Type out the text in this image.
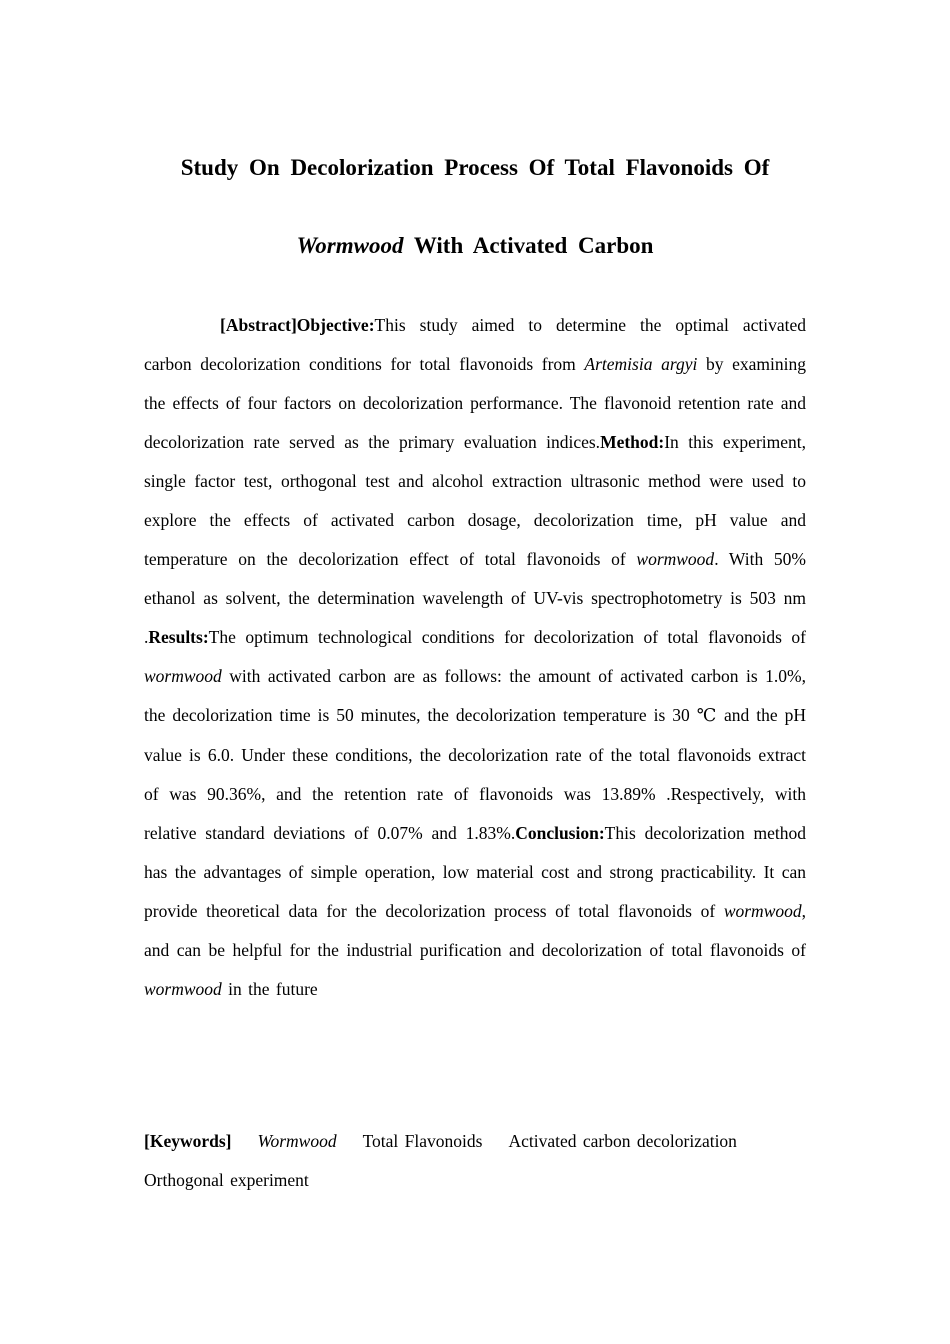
Study On Decolorization Process Of Total Flavonoids Of
Wormwood With Activated Carbon
[Abstract]Objective:This study aimed to determine the optimal activated carbon decolorization conditions for total flavonoids from Artemisia argyi by examining the effects of four factors on decolorization performance. The flavonoid retention rate and decolorization rate served as the primary evaluation indices.Method:In this experiment, single factor test, orthogonal test and alcohol extraction ultrasonic method were used to explore the effects of activated carbon dosage, decolorization time, pH value and temperature on the decolorization effect of total flavonoids of wormwood. With 50% ethanol as solvent, the determination wavelength of UV-vis spectrophotometry is 503 nm .Results:The optimum technological conditions for decolorization of total flavonoids of wormwood with activated carbon are as follows: the amount of activated carbon is 1.0%, the decolorization time is 50 minutes, the decolorization temperature is 30 ℃ and the pH value is 6.0. Under these conditions, the decolorization rate of the total flavonoids extract of was 90.36%, and the retention rate of flavonoids was 13.89% .Respectively, with relative standard deviations of 0.07% and 1.83%.Conclusion:This decolorization method has the advantages of simple operation, low material cost and strong practicability. It can provide theoretical data for the decolorization process of total flavonoids of wormwood, and can be helpful for the industrial purification and decolorization of total flavonoids of wormwood in the future
[Keywords] Wormwood Total Flavonoids Activated carbon decolorization
Orthogonal experiment
